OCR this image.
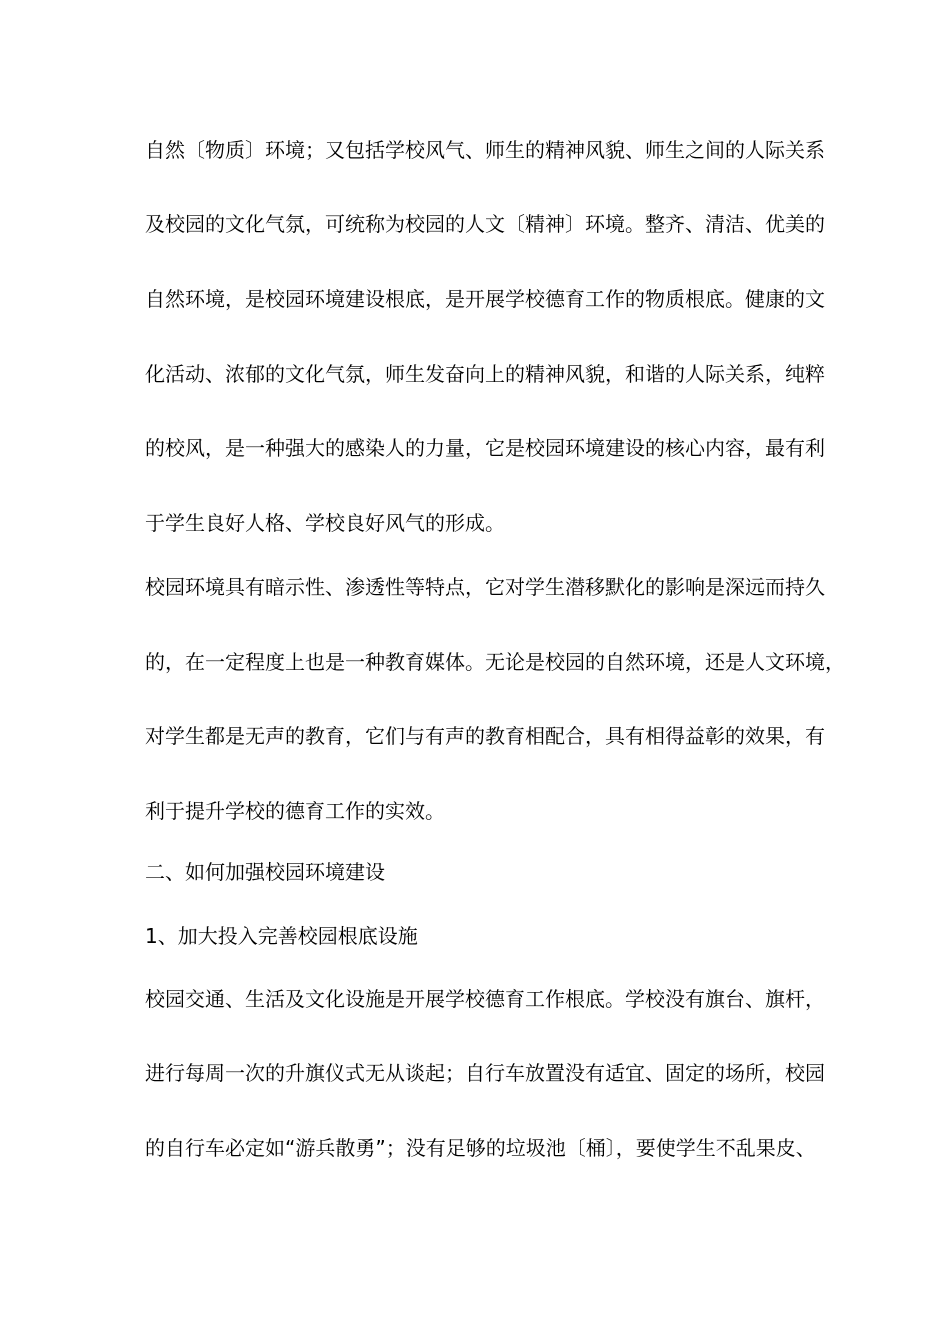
自然〔物质〕环境；又包括学校风气、师生的精神风貌、师生之间的人际关系
及校园的文化气氛，可统称为校园的人文〔精神〕环境。整齐、清洁、优美的
自然环境，是校园环境建设根底，是开展学校德育工作的物质根底。健康的文
化活动、浓郁的文化气氛，师生发奋向上的精神风貌，和谐的人际关系，纯粹
的校风，是一种强大的感染人的力量，它是校园环境建设的核心内容，最有利
于学生良好人格、学校良好风气的形成。
校园环境具有暗示性、渗透性等特点，它对学生潜移默化的影响是深远而持久
的，在一定程度上也是一种教育媒体。无论是校园的自然环境，还是人文环境，
对学生都是无声的教育，它们与有声的教育相配合，具有相得益彰的效果，有
利于提升学校的德育工作的实效。
二、如何加强校园环境建设
1、加大投入完善校园根底设施
校园交通、生活及文化设施是开展学校德育工作根底。学校没有旗台、旗杆，
进行每周一次的升旗仪式无从谈起；自行车放置没有适宜、固定的场所，校园
的自行车必定如“游兵散勇”；没有足够的垃圾池〔桶〕，要使学生不乱果皮、
